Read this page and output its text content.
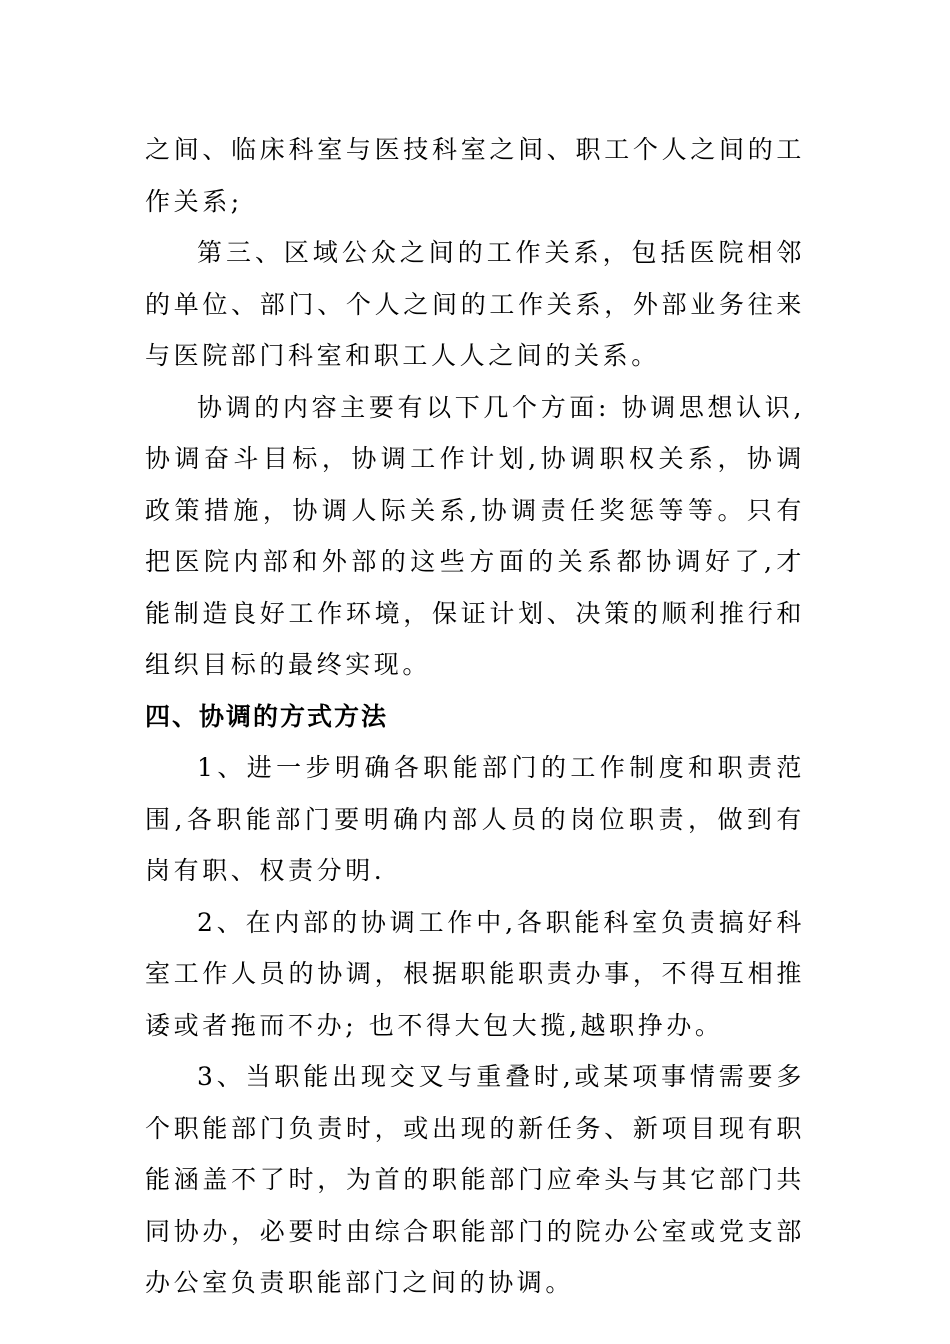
之间、临床科室与医技科室之间、职工个人之间的工作关系;

第三、区域公众之间的工作关系，包括医院相邻的单位、部门、个人之间的工作关系，外部业务往来与医院部门科室和职工人人之间的关系。

协调的内容主要有以下几个方面: 协调思想认识,协调奋斗目标，协调工作计划,协调职权关系，协调政策措施，协调人际关系,协调责任奖惩等等。只有把医院内部和外部的这些方面的关系都协调好了,才能制造良好工作环境，保证计划、决策的顺利推行和组织目标的最终实现。

四、协调的方式方法

1、进一步明确各职能部门的工作制度和职责范围,各职能部门要明确内部人员的岗位职责，做到有岗有职、权责分明.

2、在内部的协调工作中,各职能科室负责搞好科室工作人员的协调，根据职能职责办事，不得互相推诿或者拖而不办; 也不得大包大揽,越职挣办。

3、当职能出现交叉与重叠时,或某项事情需要多个职能部门负责时，或出现的新任务、新项目现有职能涵盖不了时，为首的职能部门应牵头与其它部门共同协办，必要时由综合职能部门的院办公室或党支部办公室负责职能部门之间的协调。
